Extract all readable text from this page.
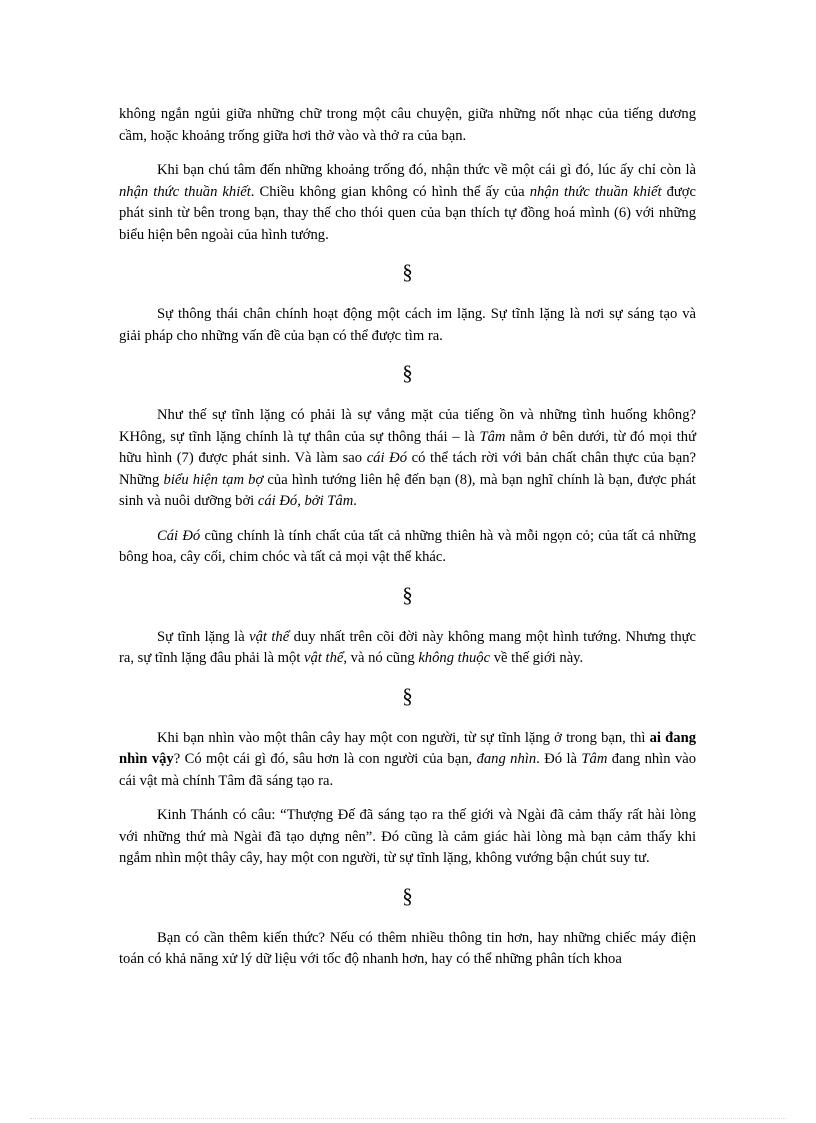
không ngắn ngủi giữa những chữ trong một câu chuyện, giữa những nốt nhạc của tiếng dương cầm, hoặc khoảng trống giữa hơi thở vào và thở ra của bạn.

Khi bạn chú tâm đến những khoảng trống đó, nhận thức về một cái gì đó, lúc ấy chỉ còn là nhận thức thuần khiết. Chiều không gian không có hình thể ấy của nhận thức thuần khiết được phát sinh từ bên trong bạn, thay thế cho thói quen của bạn thích tự đồng hoá mình (6) với những biểu hiện bên ngoài của hình tướng.

§

Sự thông thái chân chính hoạt động một cách im lặng. Sự tĩnh lặng là nơi sự sáng tạo và giải pháp cho những vấn đề của bạn có thể được tìm ra.

§

Như thế sự tĩnh lặng có phải là sự vắng mặt của tiếng ồn và những tình huống không? KHông, sự tĩnh lặng chính là tự thân của sự thông thái – là Tâm nằm ở bên dưới, từ đó mọi thứ hữu hình (7) được phát sinh. Và làm sao cái Đó có thể tách rời với bản chất chân thực của bạn? Những biểu hiện tạm bợ của hình tướng liên hệ đến bạn (8), mà bạn nghĩ chính là bạn, được phát sinh và nuôi dưỡng bởi cái Đó, bởi Tâm.

Cái Đó cũng chính là tính chất của tất cả những thiên hà và mỗi ngọn cỏ; của tất cả những bông hoa, cây cối, chim chóc và tất cả mọi vật thể khác.

§

Sự tĩnh lặng là vật thể duy nhất trên cõi đời này không mang một hình tướng. Nhưng thực ra, sự tĩnh lặng đâu phải là một vật thể, và nó cũng không thuộc về thế giới này.

§

Khi bạn nhìn vào một thân cây hay một con người, từ sự tĩnh lặng ở trong bạn, thì ai đang nhìn vậy? Có một cái gì đó, sâu hơn là con người của bạn, đang nhìn. Đó là Tâm đang nhìn vào cái vật mà chính Tâm đã sáng tạo ra.

Kinh Thánh có câu: “Thượng Đế đã sáng tạo ra thế giới và Ngài đã cảm thấy rất hài lòng với những thứ mà Ngài đã tạo dựng nên”. Đó cũng là cảm giác hài lòng mà bạn cảm thấy khi ngắm nhìn một thây cây, hay một con người, từ sự tĩnh lặng, không vướng bận chút suy tư.

§

Bạn có cần thêm kiến thức? Nếu có thêm nhiều thông tin hơn, hay những chiếc máy điện toán có khả năng xử lý dữ liệu với tốc độ nhanh hơn, hay có thể những phân tích khoa
